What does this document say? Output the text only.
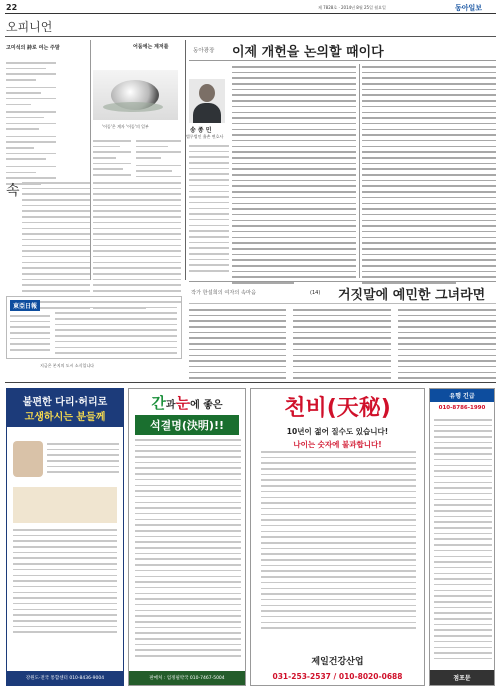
22	제 7828호 · 2014년 8월 25일 월요일	동아일보
오피니언
고미석의 詩로 여는 주말	어둠에는 계저를
'어둠'은 계자 '어둠'의 일부
속
동아광장 이제 개헌을 논의할 때이다
송 종 민
법무법인 율촌 변호사
東亞日報
지금은 본지의 도시 소식입니다
작가 한설희의 여자의 속마음	(14) 거짓말에 예민한 그녀라면
불편한 다리·허리로
고생하시는 분들께
강원도·전국 통합센터 010-8436-9004
간과눈에 좋은
석결명(決明)!!
판매처 : 엄정필약국 010-7467-5004
천비(天秘)
10년이 젊어 질수도 있습니다!
나이는 숫자에 불과합니다!
제일건강산업
031-253-2537 / 010-8020-0688
유행 긴급
010-8786-1990
점포문
